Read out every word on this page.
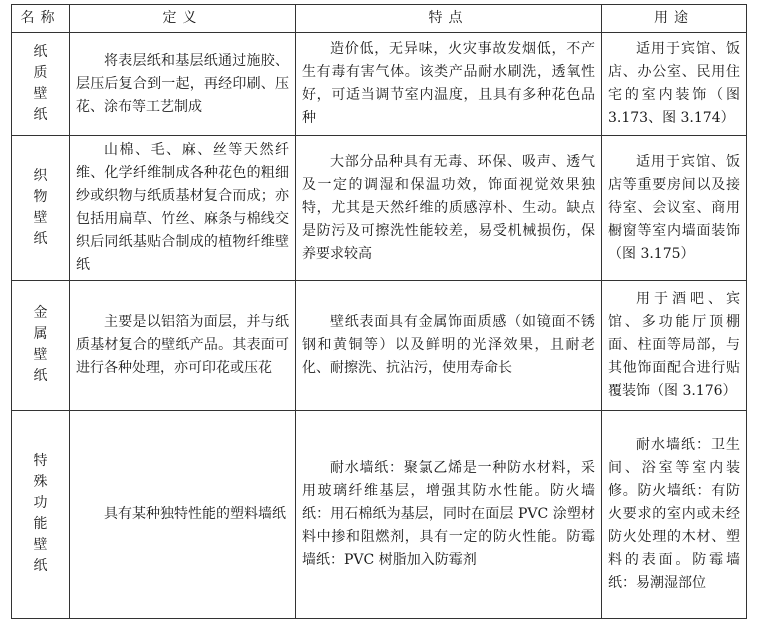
名称	定义	特点	用途
纸质壁纸	将表层纸和基层纸通过施胶、层压后复合到一起，再经印刷、压花、涂布等工艺制成	造价低，无异味，火灾事故发烟低，不产生有毒有害气体。该类产品耐水刷洗，透氧性好，可适当调节室内温度，且具有多种花色品种	适用于宾馆、饭店、办公室、民用住宅的室内装饰（图3.173、图 3.174）
织物壁纸	山棉、毛、麻、丝等天然纤维、化学纤维制成各种花色的粗细纱或织物与纸质基材复合而成；亦包括用扁草、竹丝、麻条与棉线交织后同纸基贴合制成的植物纤维壁纸	大部分品种具有无毒、环保、吸声、透气及一定的调湿和保温功效，饰面视觉效果独特，尤其是天然纤维的质感淳朴、生动。缺点是防污及可擦洗性能较差，易受机械损伤，保养要求较高	适用于宾馆、饭店等重要房间以及接待室、会议室、商用橱窗等室内墙面装饰（图 3.175）
金属壁纸	主要是以铝箔为面层，并与纸质基材复合的壁纸产品。其表面可进行各种处理，亦可印花或压花	壁纸表面具有金属饰面质感（如镜面不锈钢和黄铜等）以及鲜明的光泽效果，且耐老化、耐擦洗、抗沾污，使用寿命长	用于酒吧、宾馆、多功能厅顶棚面、柱面等局部，与其他饰面配合进行贴覆装饰（图 3.176）
特殊功能壁纸	具有某种独特性能的塑料墙纸	耐水墙纸：聚氯乙烯是一种防水材料，采用玻璃纤维基层，增强其防水性能。防火墙纸：用石棉纸为基层，同时在面层 PVC 涂塑材料中掺和阻燃剂，具有一定的防火性能。防霉墙纸：PVC 树脂加入防霉剂	耐水墙纸：卫生间、浴室等室内装修。防火墙纸：有防火要求的室内或未经防火处理的木材、塑料的表面。防霉墙纸：易潮湿部位
